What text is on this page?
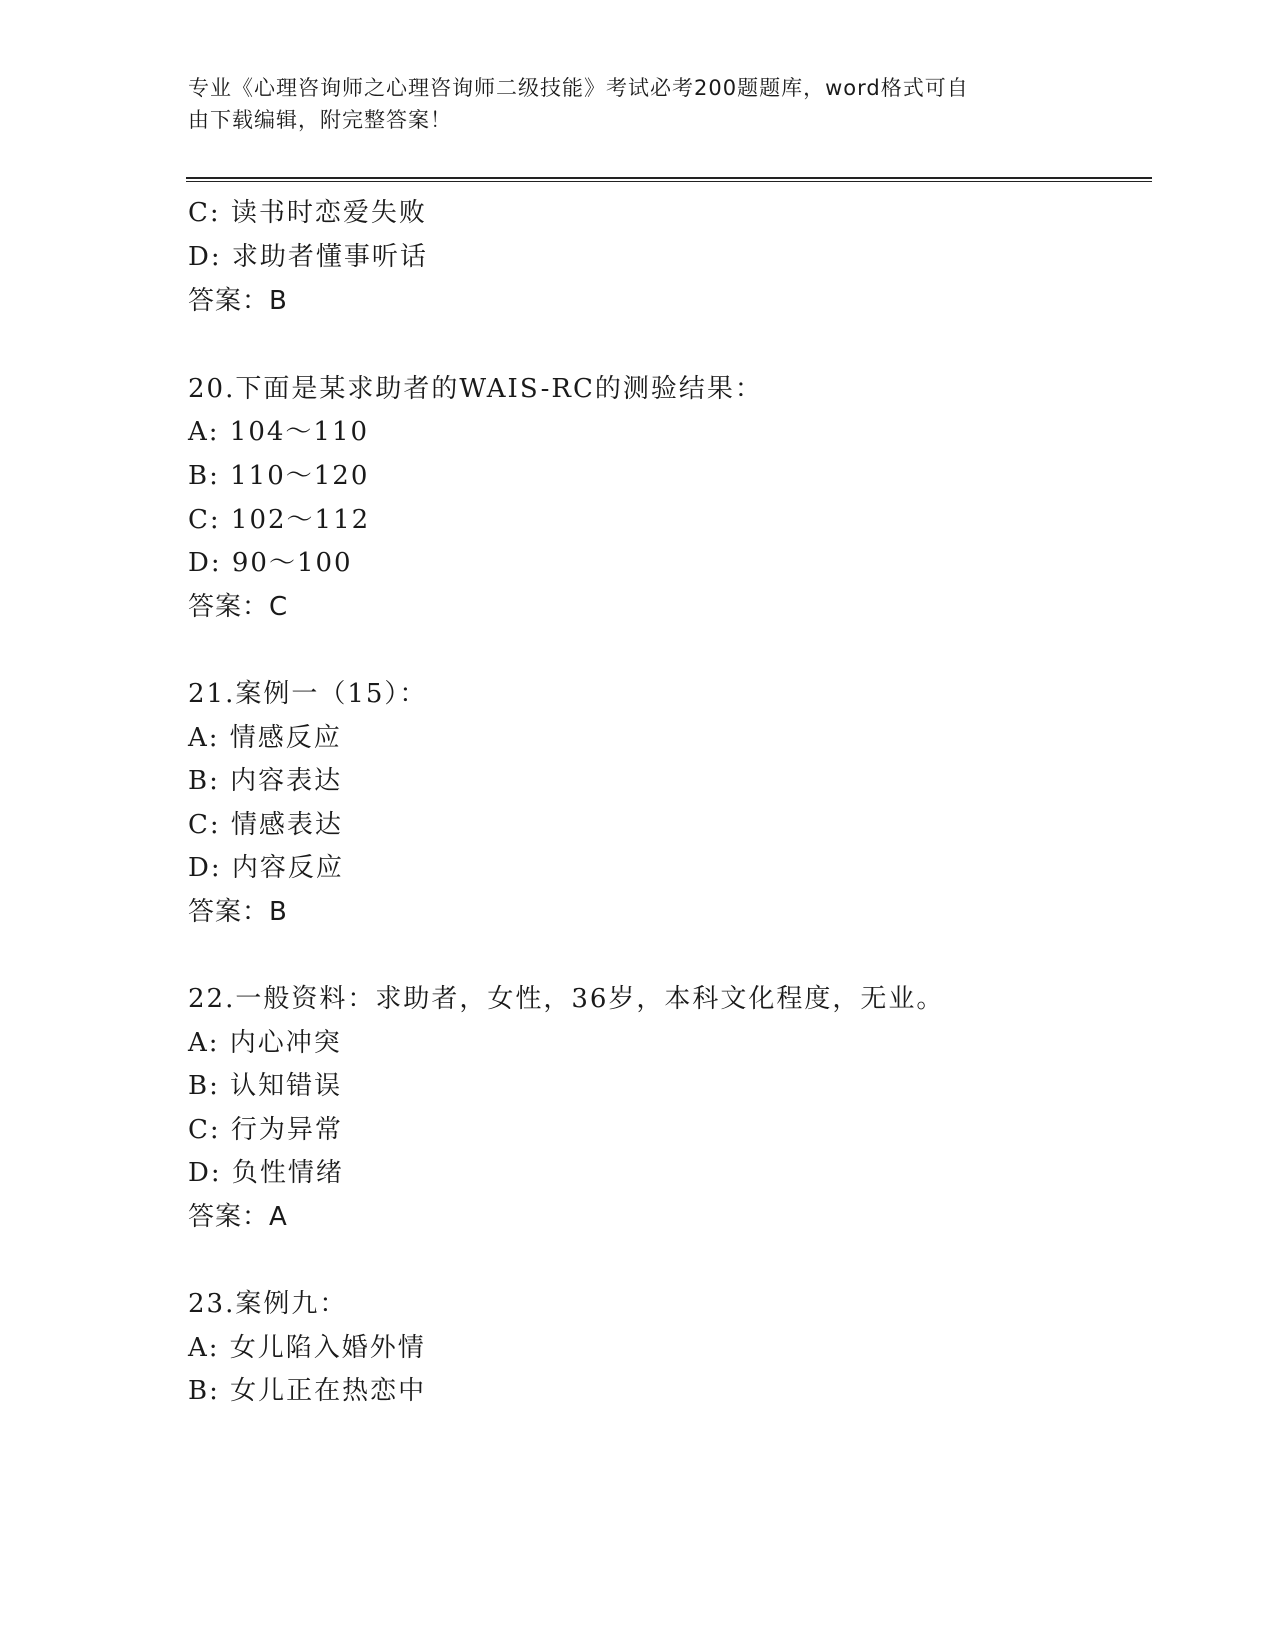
专业《心理咨询师之心理咨询师二级技能》考试必考200题题库，word格式可自
由下载编辑，附完整答案！
C: 读书时恋爱失败
D: 求助者懂事听话
答案：B
20.下面是某求助者的WAIS-RC的测验结果：
A: 104～110
B: 110～120
C: 102～112
D: 90～100
答案：C
21.案例一（15）：
A: 情感反应
B: 内容表达
C: 情感表达
D: 内容反应
答案：B
22.一般资料：求助者，女性，36岁，本科文化程度，无业。
A: 内心冲突
B: 认知错误
C: 行为异常
D: 负性情绪
答案：A
23.案例九：
A: 女儿陷入婚外情
B: 女儿正在热恋中
